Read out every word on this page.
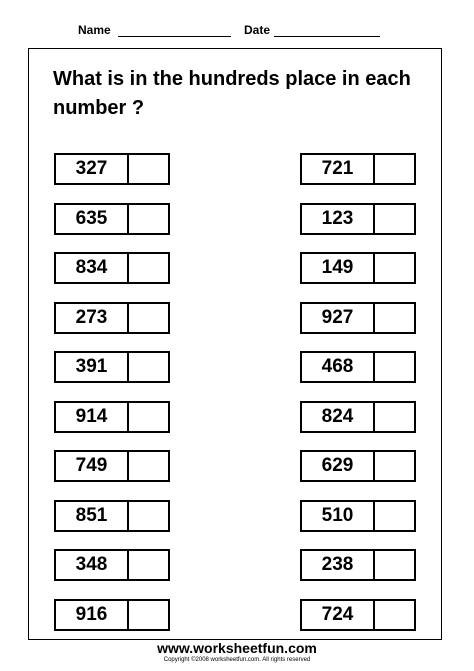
Name	Date
What is in the hundreds place in each number ?
327
635
834
273
391
914
749
851
348
916
721
123
149
927
468
824
629
510
238
724
www.worksheetfun.com
Copyright ©2008 worksheetfun.com. All rights reserved
